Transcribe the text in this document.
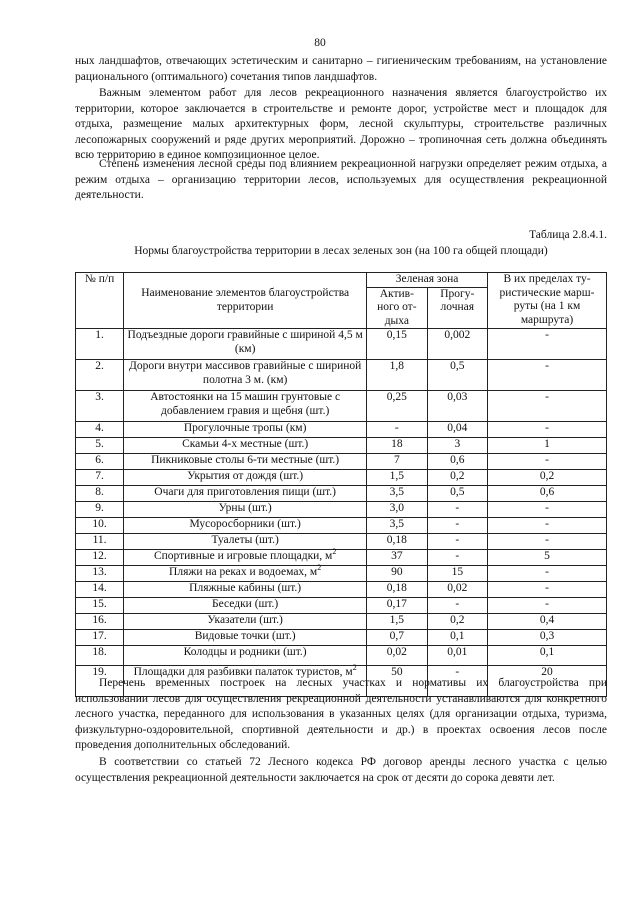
80

ных ландшафтов, отвечающих эстетическим и санитарно – гигиеническим требованиям, на установление рационального (оптимального) сочетания типов ландшафтов.

Важным элементом работ для лесов рекреационного назначения является благоустройство их территории, которое заключается в строительстве и ремонте дорог, устройстве мест и площадок для отдыха, размещение малых архитектурных форм, лесной скульптуры, строительстве различных лесопожарных сооружений и ряде других мероприятий. Дорожно – тропиночная сеть должна объединять всю территорию в единое композиционное целое.

Степень изменения лесной среды под влиянием рекреационной нагрузки определяет режим отдыха, а режим отдыха – организацию территории лесов, используемых для осуществления рекреационной деятельности.

Таблица 2.8.4.1.
Нормы благоустройства территории в лесах зеленых зон (на 100 га общей площади)
№ п/п	Наименование элементов благоустройства территории	Зеленая зона		В их пределах ту-ристические марш-руты (на 1 км маршрута)
		Актив-ного от-дыха	Прогу-лочная	
1.	Подъездные дороги гравийные с шириной 4,5 м (км)	0,15	0,002	-
2.	Дороги внутри массивов гравийные с шириной полотна 3 м. (км)	1,8	0,5	-
3.	Автостоянки на 15 машин грунтовые с добавлением гравия и щебня (шт.)	0,25	0,03	-
4.	Прогулочные тропы (км)	-	0,04	-
5.	Скамьи 4-х местные (шт.)	18	3	1
6.	Пикниковые столы 6-ти местные (шт.)	7	0,6	-
7.	Укрытия от дождя (шт.)	1,5	0,2	0,2
8.	Очаги для приготовления пищи (шт.)	3,5	0,5	0,6
9.	Урны (шт.)	3,0	-	-
10.	Мусоросборники (шт.)	3,5	-	-
11.	Туалеты (шт.)	0,18	-	-
12.	Спортивные и игровые площадки, $м^2$	37	-	5
13.	Пляжи на реках и водоемах, $м^2$	90	15	-
14.	Пляжные кабины (шт.)	0,18	0,02	-
15.	Беседки (шт.)	0,17	-	-
16.	Указатели (шт.)	1,5	0,2	0,4
17.	Видовые точки (шт.)	0,7	0,1	0,3
18.	Колодцы и родники (шт.)	0,02	0,01	0,1
19.	Площадки для разбивки палаток туристов, $м^2$	50	-	20

Перечень временных построек на лесных участках и нормативы их благоустройства при использовании лесов для осуществления рекреационной деятельности устанавливаются для конкретного лесного участка, переданного для использования в указанных целях (для организации отдыха, туризма, физкультурно-оздоровительной, спортивной деятельности и др.) в проектах освоения лесов после проведения дополнительных обследований.

В соответствии со статьей 72 Лесного кодекса РФ договор аренды лесного участка с целью осуществления рекреационной деятельности заключается на срок от десяти до сорока девяти лет.
